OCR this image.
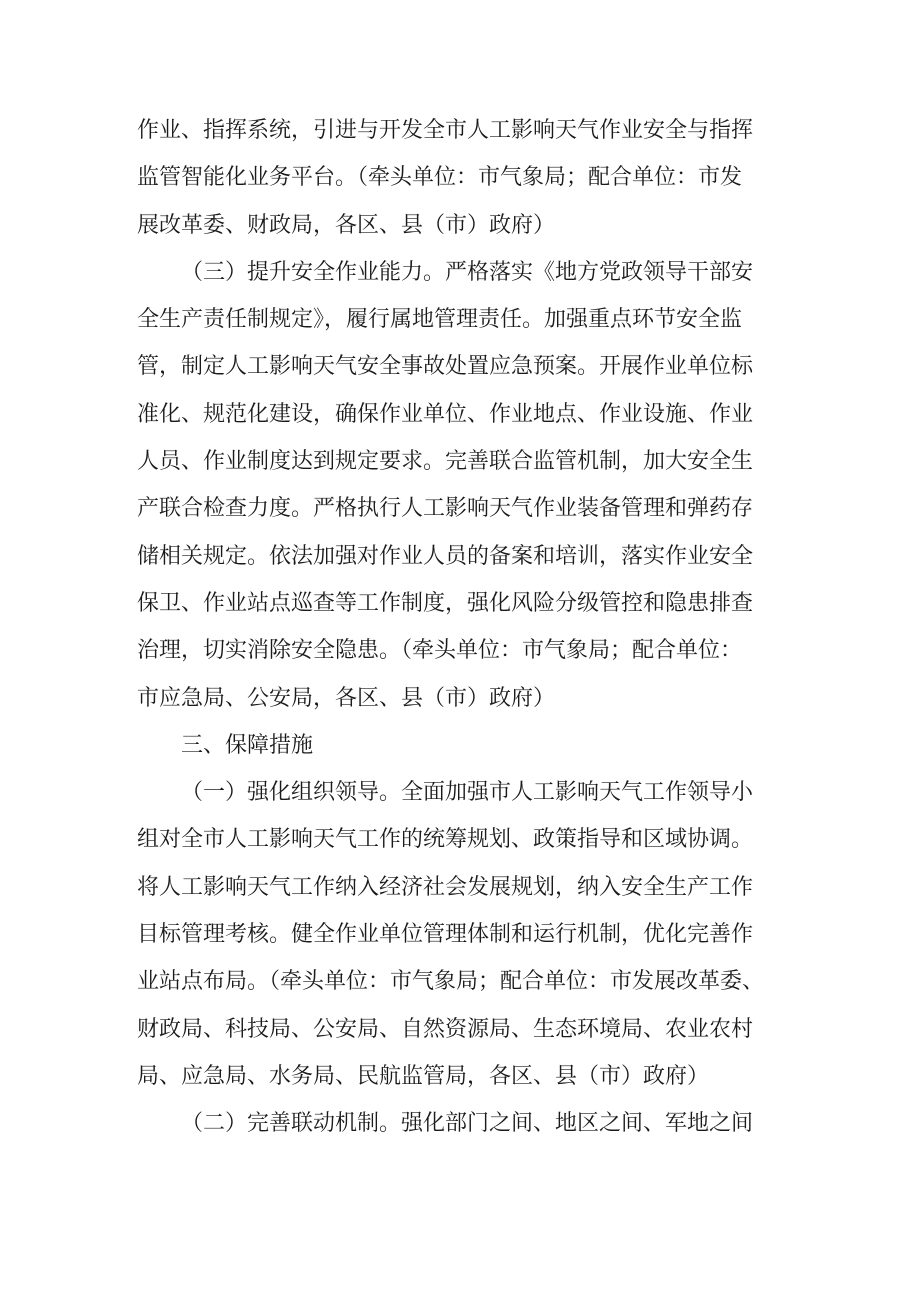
作业、指挥系统，引进与开发全市人工影响天气作业安全与指挥
监管智能化业务平台。（牵头单位：市气象局；配合单位：市发
展改革委、财政局，各区、县（市）政府）
（三）提升安全作业能力。严格落实《地方党政领导干部安
全生产责任制规定》，履行属地管理责任。加强重点环节安全监
管，制定人工影响天气安全事故处置应急预案。开展作业单位标
准化、规范化建设，确保作业单位、作业地点、作业设施、作业
人员、作业制度达到规定要求。完善联合监管机制，加大安全生
产联合检查力度。严格执行人工影响天气作业装备管理和弹药存
储相关规定。依法加强对作业人员的备案和培训，落实作业安全
保卫、作业站点巡查等工作制度，强化风险分级管控和隐患排查
治理，切实消除安全隐患。（牵头单位：市气象局；配合单位：
市应急局、公安局，各区、县（市）政府）
三、保障措施
（一）强化组织领导。全面加强市人工影响天气工作领导小
组对全市人工影响天气工作的统筹规划、政策指导和区域协调。
将人工影响天气工作纳入经济社会发展规划，纳入安全生产工作
目标管理考核。健全作业单位管理体制和运行机制，优化完善作
业站点布局。（牵头单位：市气象局；配合单位：市发展改革委、
财政局、科技局、公安局、自然资源局、生态环境局、农业农村
局、应急局、水务局、民航监管局，各区、县（市）政府）
（二）完善联动机制。强化部门之间、地区之间、军地之间
